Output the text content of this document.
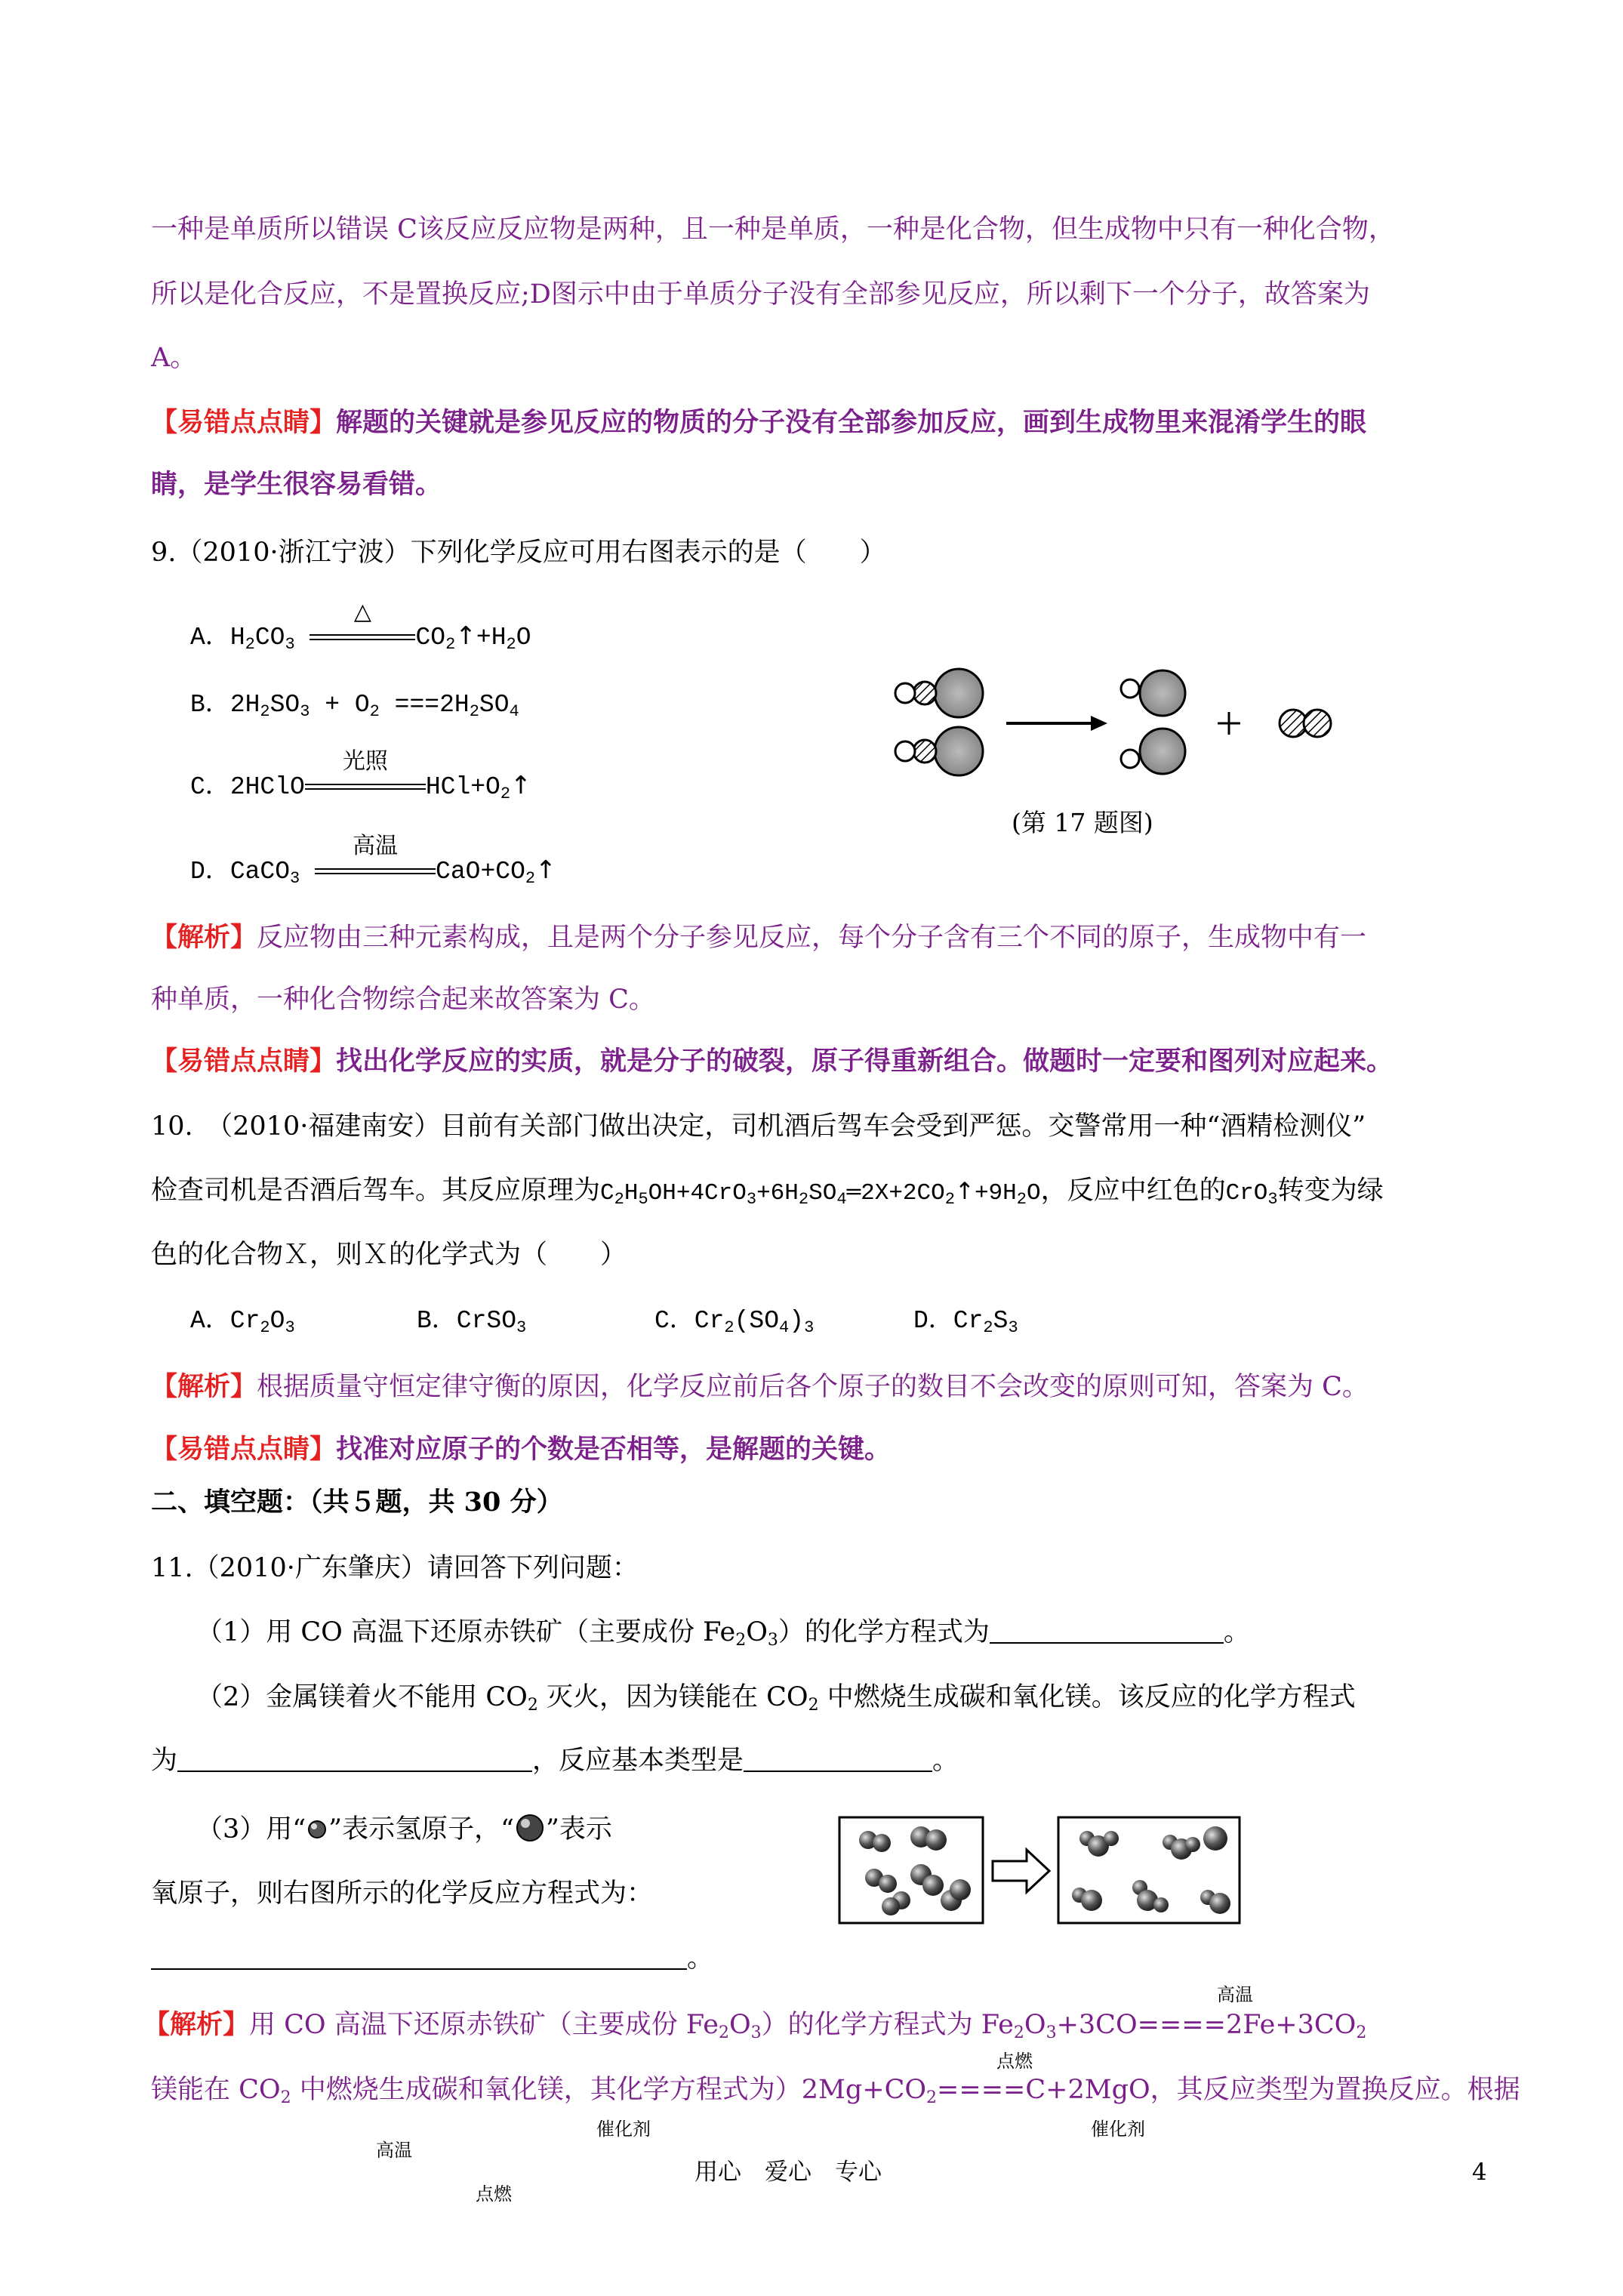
一种是单质所以错误 C该反应反应物是两种，且一种是单质，一种是化合物，但生成物中只有一种化合物，
所以是化合反应，不是置换反应;D图示中由于单质分子没有全部参见反应，所以剩下一个分子，故答案为
A。
【易错点点睛】解题的关键就是参见反应的物质的分子没有全部参加反应，画到生成物里来混淆学生的眼
睛，是学生很容易看错。
9.（2010·浙江宁波）下列化学反应可用右图表示的是（　　）
A．$H_2CO_3$
△
$CO_2↑+H_2O$
B．$2H_2SO_3 + O_2 ===2H_2SO_4$
C．2HClO
光照
$HCl+O_2↑$
D．CaCO$_3$
高温
$CaO+CO_2↑$
(第 17 题图)
【解析】反应物由三种元素构成，且是两个分子参见反应，每个分子含有三个不同的原子，生成物中有一
种单质，一种化合物综合起来故答案为 C。
【易错点点睛】找出化学反应的实质，就是分子的破裂，原子得重新组合。做题时一定要和图列对应起来。
10.　（2010·福建南安）目前有关部门做出决定，司机酒后驾车会受到严惩。交警常用一种“酒精检测仪”
检查司机是否酒后驾车。其反应原理为$C_2H_5OH+4CrO_3+6H_2SO_4═2X+2CO_2↑+9H_2O$，反应中红色的CrO$_3$转变为绿
色的化合物Ｘ，则Ｘ的化学式为（　　）
A．$Cr_2O_3$	B．CrSO$_3$	C．$Cr_2(SO_4)_3$	D．$Cr_2S_3$
【解析】根据质量守恒定律守衡的原因，化学反应前后各个原子的数目不会改变的原则可知，答案为 C。
【易错点点睛】找准对应原子的个数是否相等，是解题的关键。
二、填空题：（共５题，共 30 分）
11.（2010·广东肇庆）请回答下列问题：
（1）用 CO 高温下还原赤铁矿（主要成份 $Fe_2O_3$）的化学方程式为	。
（2）金属镁着火不能用 $CO_2$ 灭火，因为镁能在 $CO_2$ 中燃烧生成碳和氧化镁。该反应的化学方程式
为	，反应基本类型是	。
（3）用“ ”表示氢原子，“ ”表示
氧原子，则右图所示的化学反应方程式为：
。
高温
【解析】用 CO 高温下还原赤铁矿（主要成份 $Fe_2O_3$）的化学方程式为 $Fe_2O_3+3CO====2Fe+3CO_2$
点燃
镁能在 $CO_2$ 中燃烧生成碳和氧化镁，其化学方程式为）$2Mg+CO_2====C+2MgO$，其反应类型为置换反应。根据
催化剂	催化剂
高温
点燃
用心　爱心　专心	4
